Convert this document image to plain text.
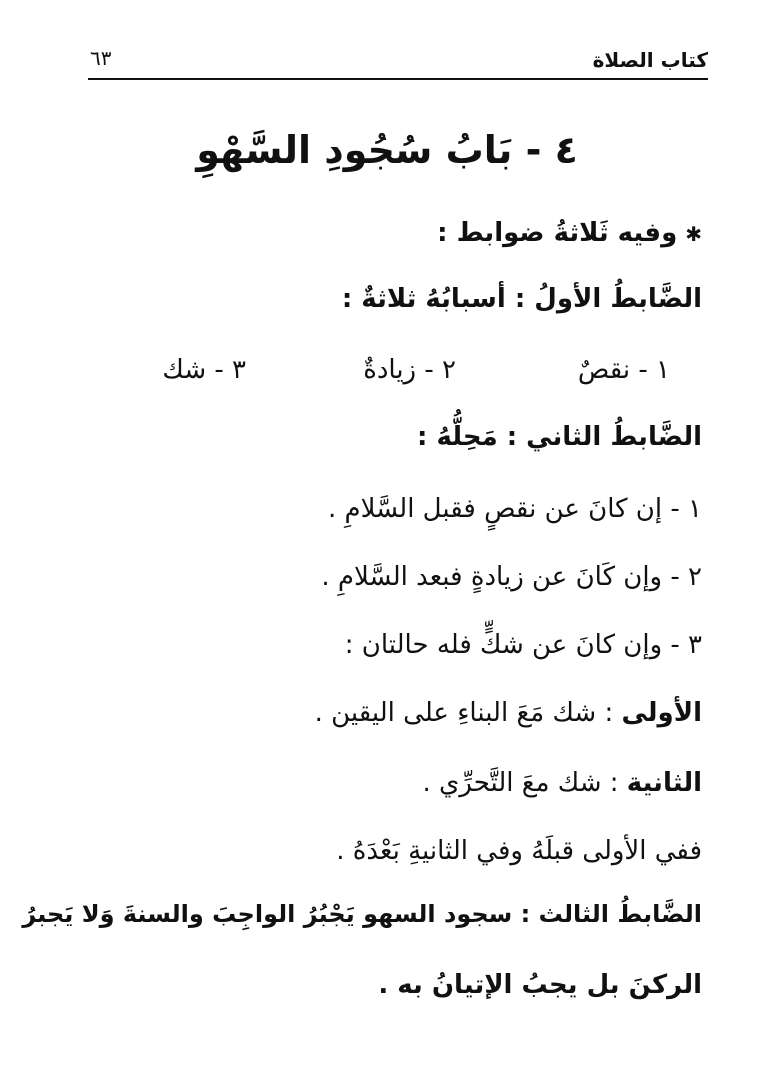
كتاب الصلاة
٦٣
٤ - بَابُ سُجُودِ السَّهْوِ
✱وفيه ثَلاثةُ ضوابط :
الضَّابطُ الأولُ : أسبابُهُ ثلاثةٌ :
١ - نقصٌ
٢ - زيادةٌ
٣ - شك
الضَّابطُ الثاني : مَحِلُّهُ :
١ - إن كانَ عن نقصٍ فقبل السَّلامِ .
٢ - وإن كَانَ عن زيادةٍ فبعد السَّلامِ .
٣ - وإن كانَ عن شكٍّ فله حالتان :
الأولى : شك مَعَ البناءِ على اليقين .
الثانية : شك معَ التَّحرِّي .
ففي الأولى قبلَهُ وفي الثانيةِ بَعْدَهُ .
الضَّابطُ الثالث : سجود السهو يَجْبُرُ الواجِبَ والسنةَ وَلا يَجبرُ
الركنَ بل يجبُ الإتيانُ به .
